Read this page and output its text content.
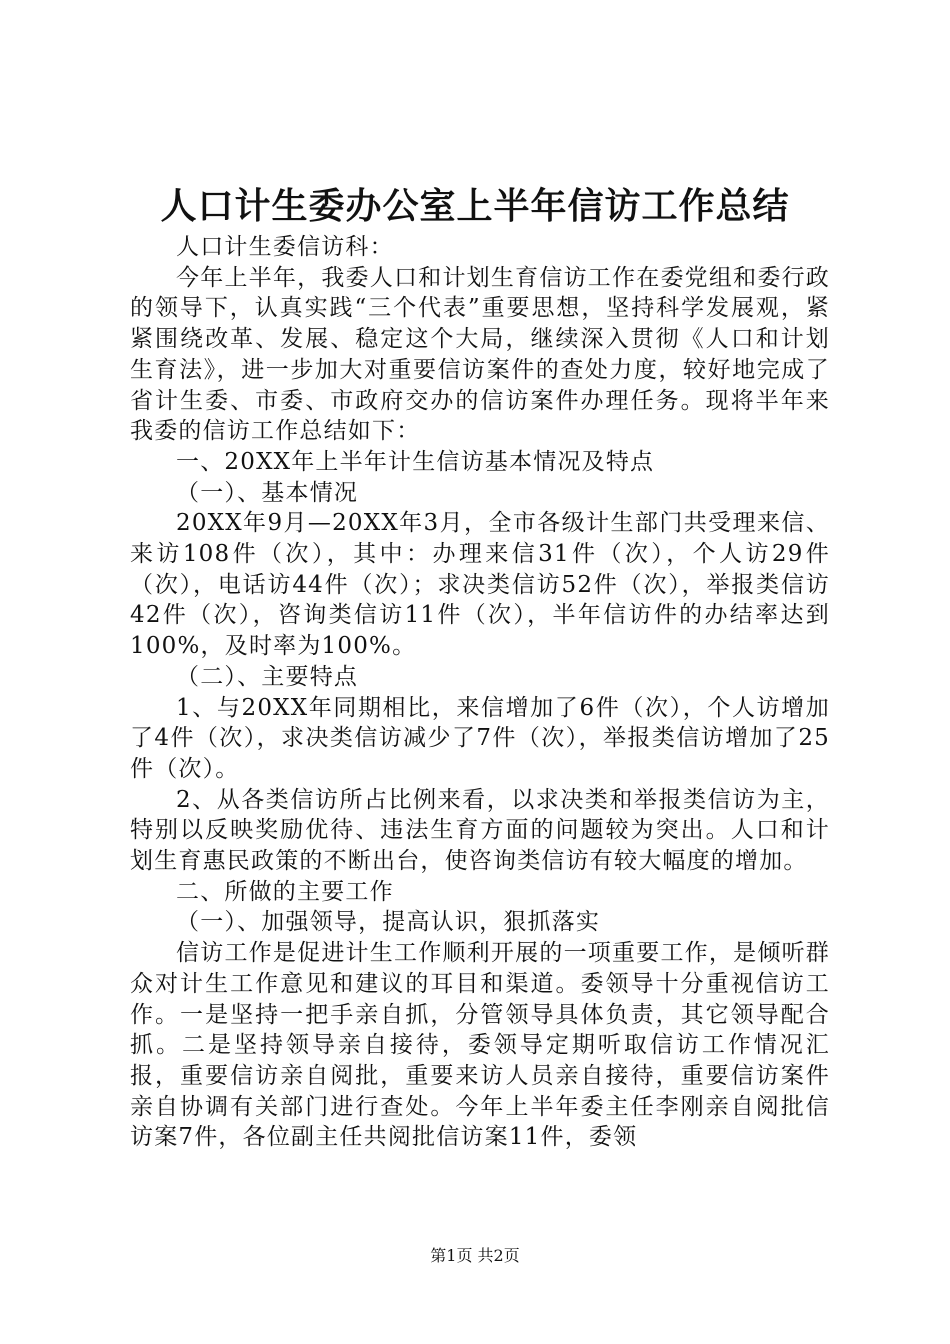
人口计生委办公室上半年信访工作总结

人口计生委信访科：

今年上半年，我委人口和计划生育信访工作在委党组和委行政的领导下，认真实践“三个代表”重要思想，坚持科学发展观，紧紧围绕改革、发展、稳定这个大局，继续深入贯彻《人口和计划生育法》，进一步加大对重要信访案件的查处力度，较好地完成了省计生委、市委、市政府交办的信访案件办理任务。现将半年来我委的信访工作总结如下：

一、20XX年上半年计生信访基本情况及特点

（一）、基本情况

20XX年9月—20XX年3月，全市各级计生部门共受理来信、来访108件（次），其中：办理来信31件（次），个人访29件（次），电话访44件（次）；求决类信访52件（次），举报类信访42件（次），咨询类信访11件（次），半年信访件的办结率达到100%，及时率为100%。

（二）、主要特点

1、与20XX年同期相比，来信增加了6件（次），个人访增加了4件（次），求决类信访减少了7件（次），举报类信访增加了25件（次）。

2、从各类信访所占比例来看，以求决类和举报类信访为主，特别以反映奖励优待、违法生育方面的问题较为突出。人口和计划生育惠民政策的不断出台，使咨询类信访有较大幅度的增加。

二、所做的主要工作

（一）、加强领导，提高认识，狠抓落实

信访工作是促进计生工作顺利开展的一项重要工作，是倾听群众对计生工作意见和建议的耳目和渠道。委领导十分重视信访工作。一是坚持一把手亲自抓，分管领导具体负责，其它领导配合抓。二是坚持领导亲自接待，委领导定期听取信访工作情况汇报，重要信访亲自阅批，重要来访人员亲自接待，重要信访案件亲自协调有关部门进行查处。今年上半年委主任李刚亲自阅批信访案7件，各位副主任共阅批信访案11件，委领

第1页 共2页
